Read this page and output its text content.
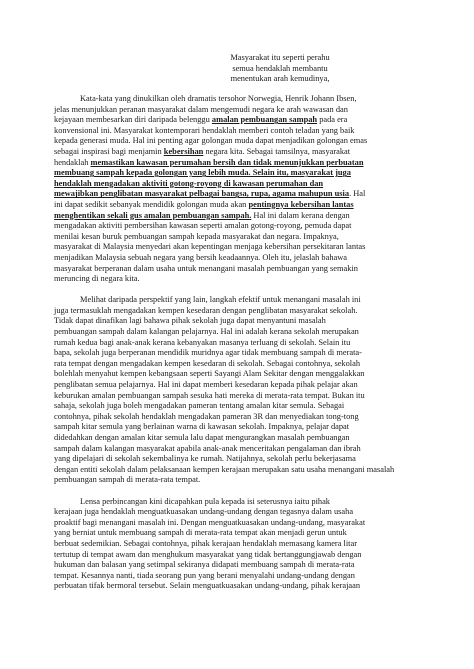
Masyarakat itu seperti perahu
semua hendaklah membantu
menentukan arah kemudinya,
Kata-kata yang dinukilkan oleh dramatis tersohor Norwegia, Henrik Johann Ibsen,
jelas menunjukkan peranan masyarakat dalam mengemudi negara ke arah wawasan dan
kejayaan membesarkan diri daripada belenggu amalan pembuangan sampah pada era
konvensional ini. Masyarakat kontemporari hendaklah memberi contoh teladan yang baik
kepada generasi muda. Hal ini penting agar golongan muda dapat menjadikan golongan emas
sebagai inspirasi bagi menjamin kebersihan negara kita. Sebagai tamsilnya, masyarakat
hendaklah memastikan kawasan perumahan bersih dan tidak menunjukkan perbuatan
membuang sampah kepada golongan yang lebih muda. Selain itu, masyarakat juga
hendaklah mengadakan aktiviti gotong-royong di kawasan perumahan dan
mewajibkan penglibatan masyarakat pelbagai bangsa, rupa, agama mahupun usia. Hal
ini dapat sedikit sebanyak mendidik golongan muda akan pentingnya kebersihan lantas
menghentikan sekali gus amalan pembuangan sampah. Hal ini dalam kerana dengan
mengadakan aktiviti pembersihan kawasan seperti amalan gotong-royong, pemuda dapat
menilai kesan buruk pembuangan sampah kepada masyarakat dan negara. Impaknya,
masyarakat di Malaysia menyedari akan kepentingan menjaga kebersihan persekitaran lantas
menjadikan Malaysia sebuah negara yang bersih keadaannya. Oleh itu, jelaslah bahawa
masyarakat berperanan dalam usaha untuk menangani masalah pembuangan yang semakin
meruncing di negara kita.
Melihat daripada perspektif yang lain, langkah efektif untuk menangani masalah ini
juga termasuklah mengadakan kempen kesedaran dengan penglibatan masyarakat sekolah.
Tidak dapat dinafikan lagi bahawa pihak sekolah juga dapat menyantuni masalah
pembuangan sampah dalam kalangan pelajarnya. Hal ini adalah kerana sekolah merupakan
rumah kedua bagi anak-anak kerana kebanyakan masanya terluang di sekolah. Selain itu
bapa, sekolah juga berperanan mendidik muridnya agar tidak membuang sampah di merata-
rata tempat dengan mengadakan kempen kesedaran di sekolah. Sebagai contohnya, sekolah
bolehlah menyahut kempen kebangsaan seperti Sayangi Alam Sekitar dengan menggalakkan
penglibatan semua pelajarnya. Hal ini dapat memberi kesedaran kepada pihak pelajar akan
keburukan amalan pembuangan sampah sesuka hati mereka di merata-rata tempat. Bukan itu
sahaja, sekolah juga boleh mengadakan pameran tentang amalan kitar semula. Sebagai
contohnya, pihak sekolah hendaklah mengadakan pameran 3R dan menyediakan tong-tong
sampah kitar semula yang berlainan warna di kawasan sekolah. Impaknya, pelajar dapat
didedahkan dengan amalan kitar semula lalu dapat mengurangkan masalah pembuangan
sampah dalam kalangan masyarakat apabila anak-anak menceritakan pengalaman dan ibrah
yang dipelajari di sekolah sekembalinya ke rumah. Natijahnya, sekolah perlu bekerjasama
dengan entiti sekolah dalam pelaksanaan kempen kerajaan merupakan satu usaha menangani masalah
pembuangan sampah di merata-rata tempat.
Lensa perbincangan kini dicapahkan pula kepada isi seterusnya iaitu pihak
kerajaan juga hendaklah menguatkuasakan undang-undang dengan tegasnya dalam usaha
proaktif bagi menangani masalah ini. Dengan menguatkuasakan undang-undang, masyarakat
yang berniat untuk membuang sampah di merata-rata tempat akan menjadi gerun untuk
berbuat sedemikian. Sebagai contohnya, pihak kerajaan hendaklah memasang kamera litar
tertutup di tempat awam dan menghukum masyarakat yang tidak bertanggungjawab dengan
hukuman dan balasan yang setimpal sekiranya didapati membuang sampah di merata-rata
tempat. Kesannya nanti, tiada seorang pun yang berani menyalahi undang-undang dengan
perbuatan tifak bermoral tersebut. Selain menguatkuasakan undang-undang, pihak kerajaan
